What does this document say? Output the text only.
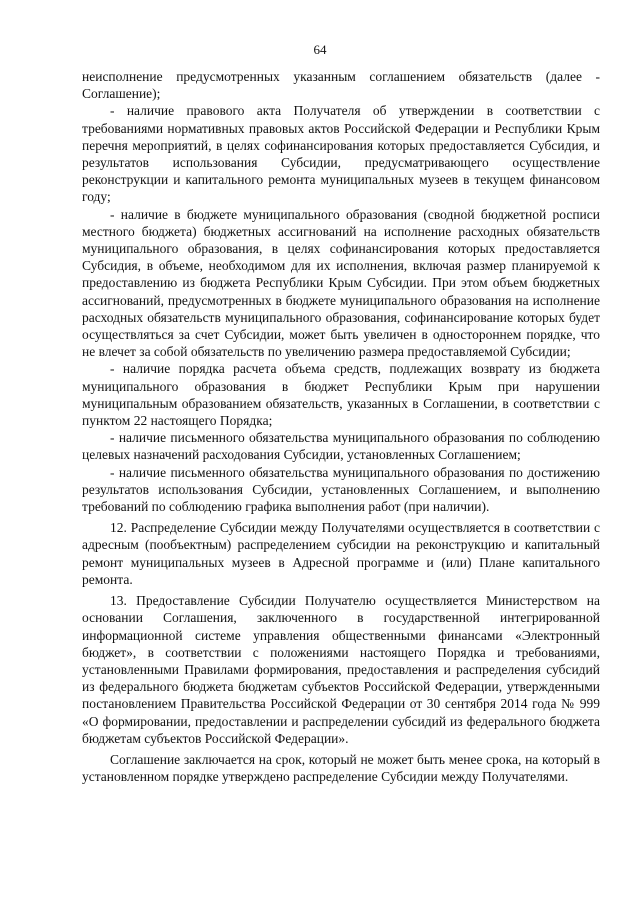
64

неисполнение предусмотренных указанным соглашением обязательств (далее - Соглашение);

- наличие правового акта Получателя об утверждении в соответствии с требованиями нормативных правовых актов Российской Федерации и Республики Крым перечня мероприятий, в целях софинансирования которых предоставляется Субсидия, и результатов использования Субсидии, предусматривающего осуществление реконструкции и капитального ремонта муниципальных музеев в текущем финансовом году;

- наличие в бюджете муниципального образования (сводной бюджетной росписи местного бюджета) бюджетных ассигнований на исполнение расходных обязательств муниципального образования, в целях софинансирования которых предоставляется Субсидия, в объеме, необходимом для их исполнения, включая размер планируемой к предоставлению из бюджета Республики Крым Субсидии. При этом объем бюджетных ассигнований, предусмотренных в бюджете муниципального образования на исполнение расходных обязательств муниципального образования, софинансирование которых будет осуществляться за счет Субсидии, может быть увеличен в одностороннем порядке, что не влечет за собой обязательств по увеличению размера предоставляемой Субсидии;

- наличие порядка расчета объема средств, подлежащих возврату из бюджета муниципального образования в бюджет Республики Крым при нарушении муниципальным образованием обязательств, указанных в Соглашении, в соответствии с пунктом 22 настоящего Порядка;

- наличие письменного обязательства муниципального образования по соблюдению целевых назначений расходования Субсидии, установленных Соглашением;

- наличие письменного обязательства муниципального образования по достижению результатов использования Субсидии, установленных Соглашением, и выполнению требований по соблюдению графика выполнения работ (при наличии).

12. Распределение Субсидии между Получателями осуществляется в соответствии с адресным (пообъектным) распределением субсидии на реконструкцию и капитальный ремонт муниципальных музеев в Адресной программе и (или) Плане капитального ремонта.

13. Предоставление Субсидии Получателю осуществляется Министерством на основании Соглашения, заключенного в государственной интегрированной информационной системе управления общественными финансами «Электронный бюджет», в соответствии с положениями настоящего Порядка и требованиями, установленными Правилами формирования, предоставления и распределения субсидий из федерального бюджета бюджетам субъектов Российской Федерации, утвержденными постановлением Правительства Российской Федерации от 30 сентября 2014 года № 999 «О формировании, предоставлении и распределении субсидий из федерального бюджета бюджетам субъектов Российской Федерации».

Соглашение заключается на срок, который не может быть менее срока, на который в установленном порядке утверждено распределение Субсидии между Получателями.
